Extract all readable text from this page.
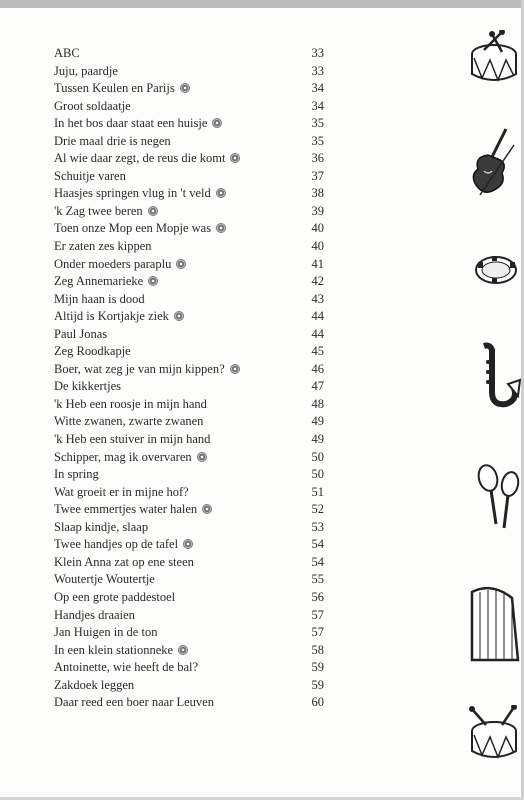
ABC	33
Juju, paardje	33
Tussen Keulen en Parijs	34
Groot soldaatje	34
In het bos daar staat een huisje	35
Drie maal drie is negen	35
Al wie daar zegt, de reus die komt	36
Schuitje varen	37
Haasjes springen vlug in 't veld	38
'k Zag twee beren	39
Toen onze Mop een Mopje was	40
Er zaten zes kippen	40
Onder moeders paraplu	41
Zeg Annemarieke	42
Mijn haan is dood	43
Altijd is Kortjakje ziek	44
Paul Jonas	44
Zeg Roodkapje	45
Boer, wat zeg je van mijn kippen?	46
De kikkertjes	47
'k Heb een roosje in mijn hand	48
Witte zwanen, zwarte zwanen	49
'k Heb een stuiver in mijn hand	49
Schipper, mag ik overvaren	50
In spring	50
Wat groeit er in mijne hof?	51
Twee emmertjes water halen	52
Slaap kindje, slaap	53
Twee handjes op de tafel	54
Klein Anna zat op ene steen	54
Woutertje Woutertje	55
Op een grote paddestoel	56
Handjes draaien	57
Jan Huigen in de ton	57
In een klein stationneke	58
Antoinette, wie heeft de bal?	59
Zakdoek leggen	59
Daar reed een boer naar Leuven	60
